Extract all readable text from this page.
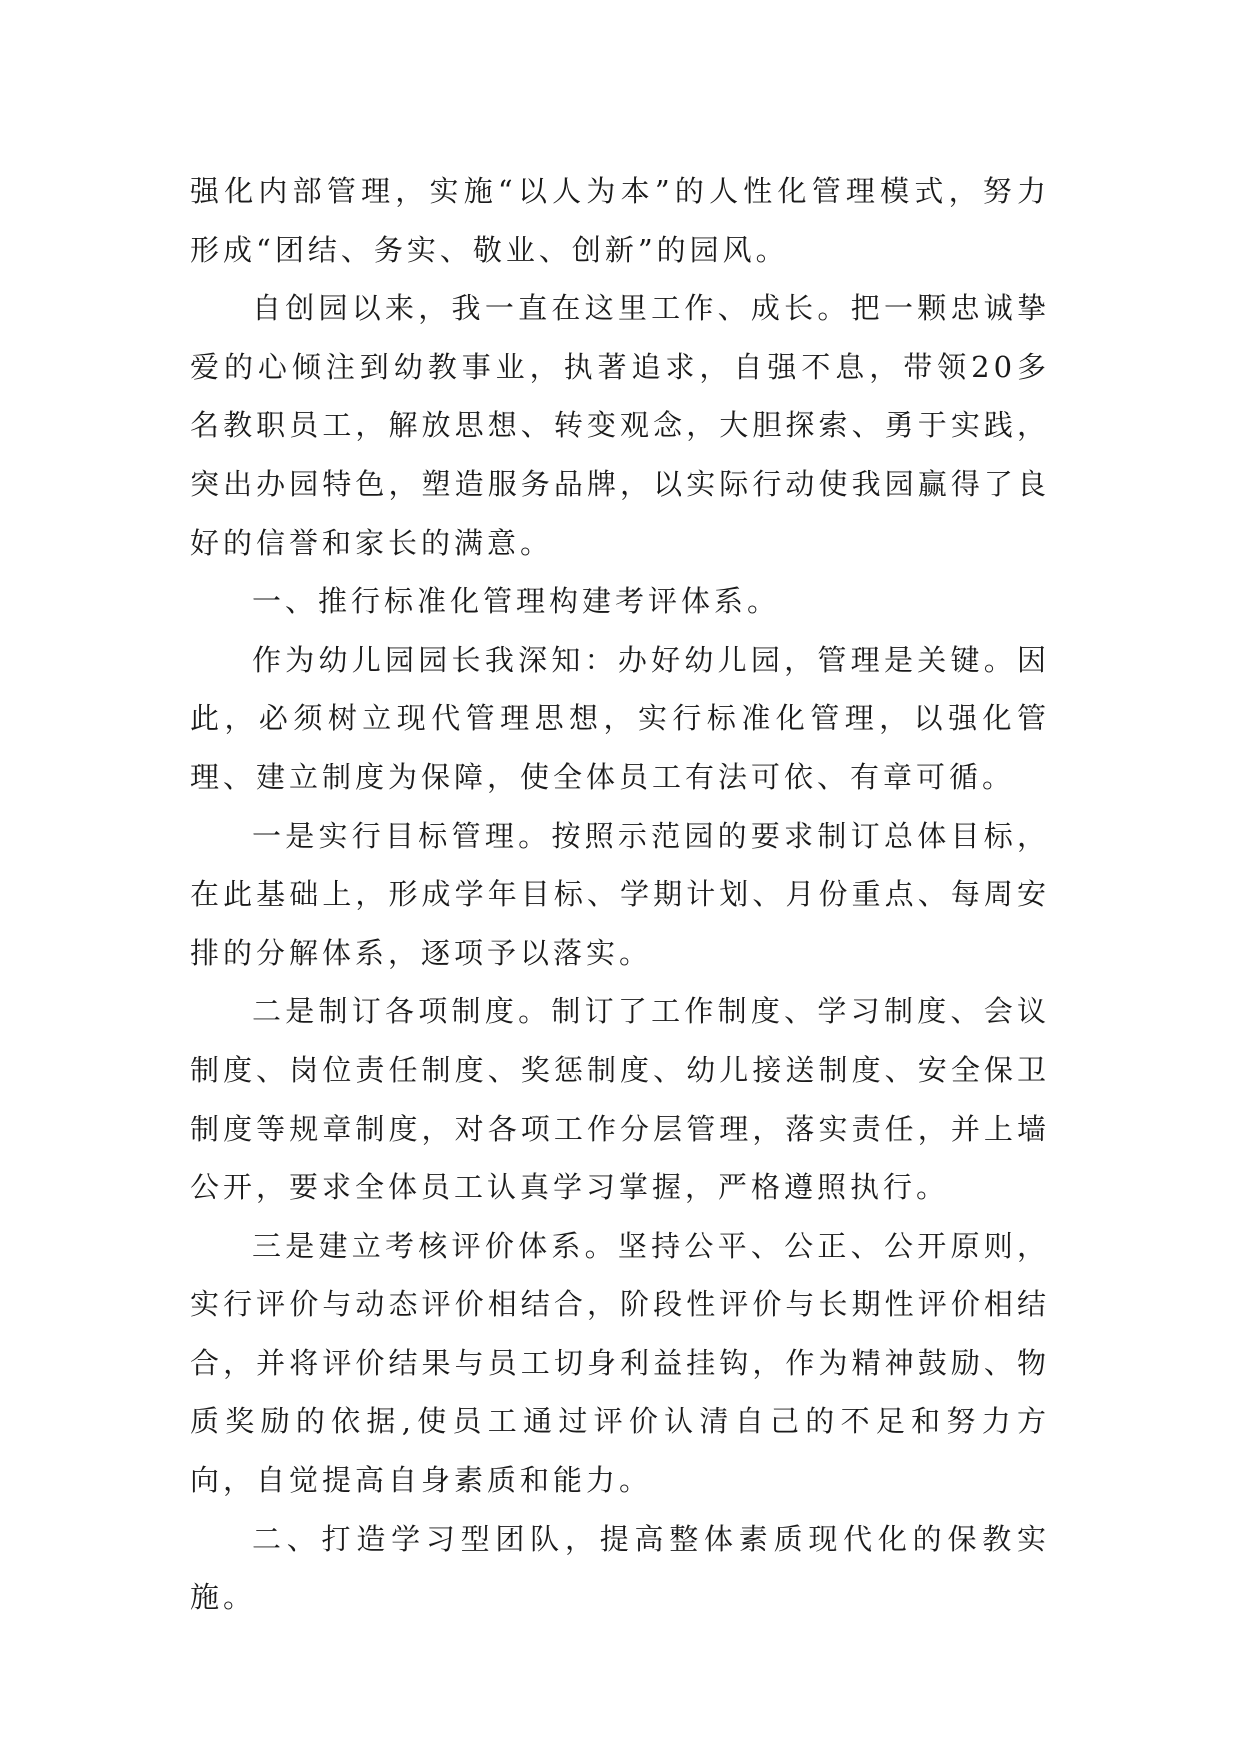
强化内部管理，实施“以人为本”的人性化管理模式，努力形成“团结、务实、敬业、创新”的园风。

自创园以来，我一直在这里工作、成长。把一颗忠诚挚爱的心倾注到幼教事业，执著追求，自强不息，带领20多名教职员工，解放思想、转变观念，大胆探索、勇于实践，突出办园特色，塑造服务品牌，以实际行动使我园赢得了良好的信誉和家长的满意。

一、推行标准化管理构建考评体系。

作为幼儿园园长我深知：办好幼儿园，管理是关键。因此，必须树立现代管理思想，实行标准化管理，以强化管理、建立制度为保障，使全体员工有法可依、有章可循。

一是实行目标管理。按照示范园的要求制订总体目标，在此基础上，形成学年目标、学期计划、月份重点、每周安排的分解体系，逐项予以落实。

二是制订各项制度。制订了工作制度、学习制度、会议制度、岗位责任制度、奖惩制度、幼儿接送制度、安全保卫制度等规章制度，对各项工作分层管理，落实责任，并上墙公开，要求全体员工认真学习掌握，严格遵照执行。

三是建立考核评价体系。坚持公平、公正、公开原则，实行评价与动态评价相结合，阶段性评价与长期性评价相结合，并将评价结果与员工切身利益挂钩，作为精神鼓励、物质奖励的依据,使员工通过评价认清自己的不足和努力方向，自觉提高自身素质和能力。

二、打造学习型团队，提高整体素质现代化的保教实施。
